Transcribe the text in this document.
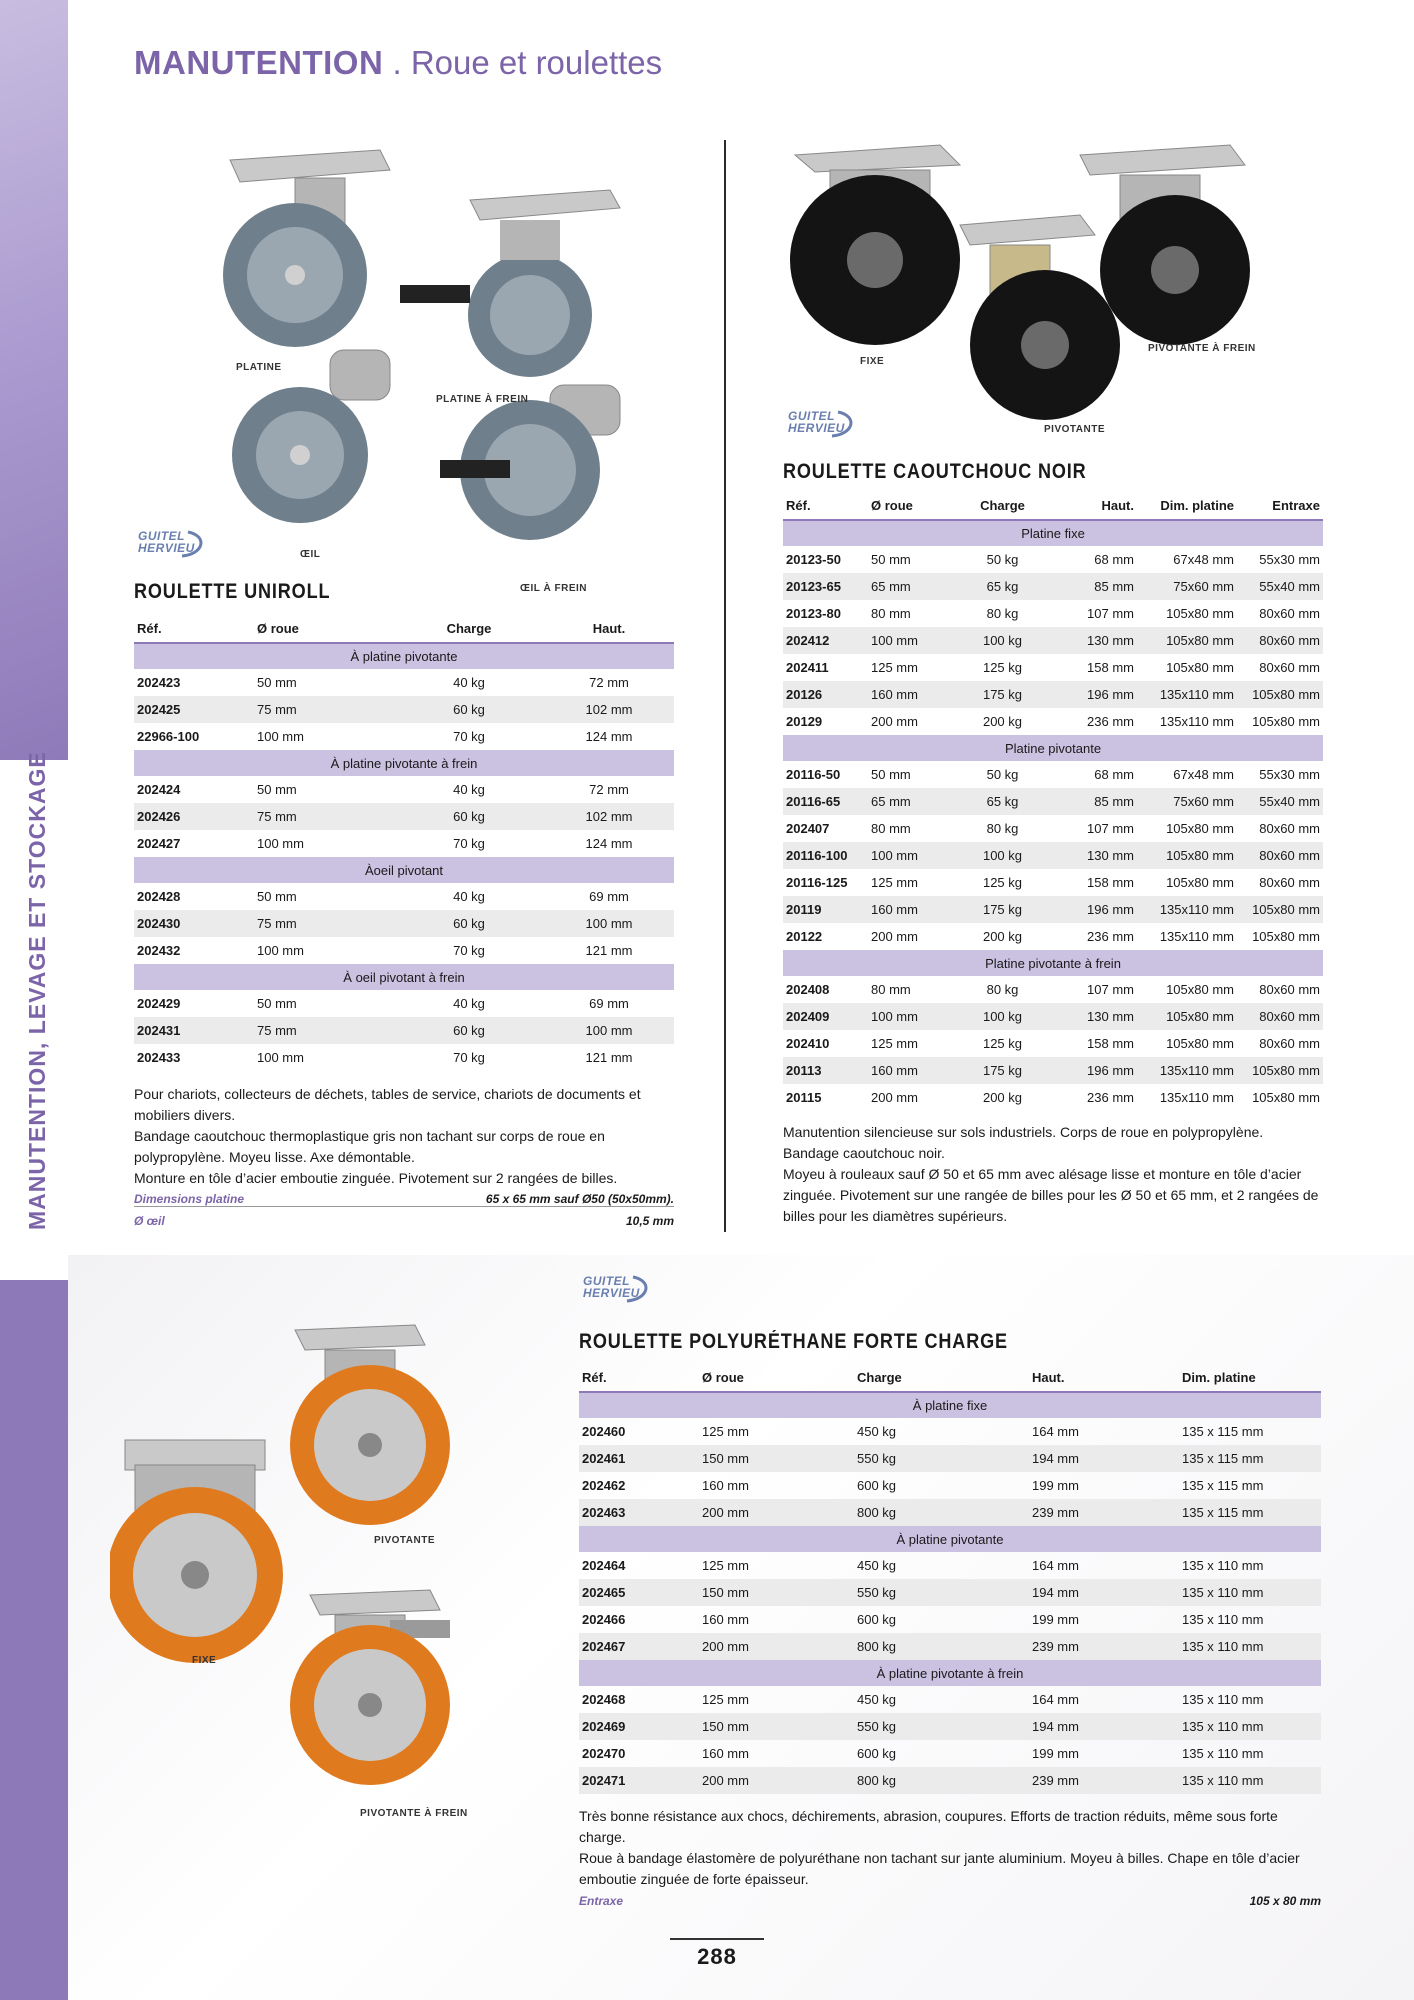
MANUTENTION, LEVAGE ET STOCKAGE
MANUTENTION . Roue et roulettes
PLATINE
PLATINE À FREIN
ŒIL
ŒIL À FREIN
GUITEL
HERVIEU
ROULETTE UNIROLL
Réf.	Ø roue	Charge	Haut.
À platine pivotante			
202423	50 mm	40 kg	72 mm
202425	75 mm	60 kg	102 mm
22966-100	100 mm	70 kg	124 mm
À platine pivotante à frein			
202424	50 mm	40 kg	72 mm
202426	75 mm	60 kg	102 mm
202427	100 mm	70 kg	124 mm
Àoeil pivotant			
202428	50 mm	40 kg	69 mm
202430	75 mm	60 kg	100 mm
202432	100 mm	70 kg	121 mm
À oeil pivotant à frein			
202429	50 mm	40 kg	69 mm
202431	75 mm	60 kg	100 mm
202433	100 mm	70 kg	121 mm

Pour chariots, collecteurs de déchets, tables de service, chariots de documents et mobiliers divers.

Bandage caoutchouc thermoplastique gris non tachant sur corps de roue en polypropylène. Moyeu lisse. Axe démontable.

Monture en tôle d’acier emboutie zinguée. Pivotement sur 2 rangées de billes.

Dimensions platine	65 x 65 mm sauf Ø50 (50x50mm).
Ø œil	10,5 mm
FIXE
PIVOTANTE À FREIN
PIVOTANTE
GUITEL
HERVIEU
ROULETTE CAOUTCHOUC NOIR
Réf.	Ø roue	Charge	Haut.	Dim. platine	Entraxe
Platine fixe					
20123-50	50 mm	50 kg	68 mm	67x48 mm	55x30 mm
20123-65	65 mm	65 kg	85 mm	75x60 mm	55x40 mm
20123-80	80 mm	80 kg	107 mm	105x80 mm	80x60 mm
202412	100 mm	100 kg	130 mm	105x80 mm	80x60 mm
202411	125 mm	125 kg	158 mm	105x80 mm	80x60 mm
20126	160 mm	175 kg	196 mm	135x110 mm	105x80 mm
20129	200 mm	200 kg	236 mm	135x110 mm	105x80 mm
Platine pivotante					
20116-50	50 mm	50 kg	68 mm	67x48 mm	55x30 mm
20116-65	65 mm	65 kg	85 mm	75x60 mm	55x40 mm
202407	80 mm	80 kg	107 mm	105x80 mm	80x60 mm
20116-100	100 mm	100 kg	130 mm	105x80 mm	80x60 mm
20116-125	125 mm	125 kg	158 mm	105x80 mm	80x60 mm
20119	160 mm	175 kg	196 mm	135x110 mm	105x80 mm
20122	200 mm	200 kg	236 mm	135x110 mm	105x80 mm
Platine pivotante à frein					
202408	80 mm	80 kg	107 mm	105x80 mm	80x60 mm
202409	100 mm	100 kg	130 mm	105x80 mm	80x60 mm
202410	125 mm	125 kg	158 mm	105x80 mm	80x60 mm
20113	160 mm	175 kg	196 mm	135x110 mm	105x80 mm
20115	200 mm	200 kg	236 mm	135x110 mm	105x80 mm

Manutention silencieuse sur sols industriels. Corps de roue en polypropylène. Bandage caoutchouc noir.

Moyeu à rouleaux sauf Ø 50 et 65 mm avec alésage lisse et monture en tôle d’acier zinguée. Pivotement sur une rangée de billes pour les Ø 50 et 65 mm, et 2 rangées de billes pour les diamètres supérieurs.

PIVOTANTE
FIXE
PIVOTANTE À FREIN
GUITEL
HERVIEU
ROULETTE POLYURÉTHANE FORTE CHARGE
Réf.	Ø roue	Charge	Haut.	Dim. platine
À platine fixe				
202460	125 mm	450 kg	164 mm	135 x 115 mm
202461	150 mm	550 kg	194 mm	135 x 115 mm
202462	160 mm	600 kg	199 mm	135 x 115 mm
202463	200 mm	800 kg	239 mm	135 x 115 mm
À platine pivotante				
202464	125 mm	450 kg	164 mm	135 x 110 mm
202465	150 mm	550 kg	194 mm	135 x 110 mm
202466	160 mm	600 kg	199 mm	135 x 110 mm
202467	200 mm	800 kg	239 mm	135 x 110 mm
À platine pivotante à frein				
202468	125 mm	450 kg	164 mm	135 x 110 mm
202469	150 mm	550 kg	194 mm	135 x 110 mm
202470	160 mm	600 kg	199 mm	135 x 110 mm
202471	200 mm	800 kg	239 mm	135 x 110 mm

Très bonne résistance aux chocs, déchirements, abrasion, coupures. Efforts de traction réduits, même sous forte charge.

Roue à bandage élastomère de polyuréthane non tachant sur jante aluminium. Moyeu à billes. Chape en tôle d’acier emboutie zinguée de forte épaisseur.

Entraxe	105 x 80 mm
288
